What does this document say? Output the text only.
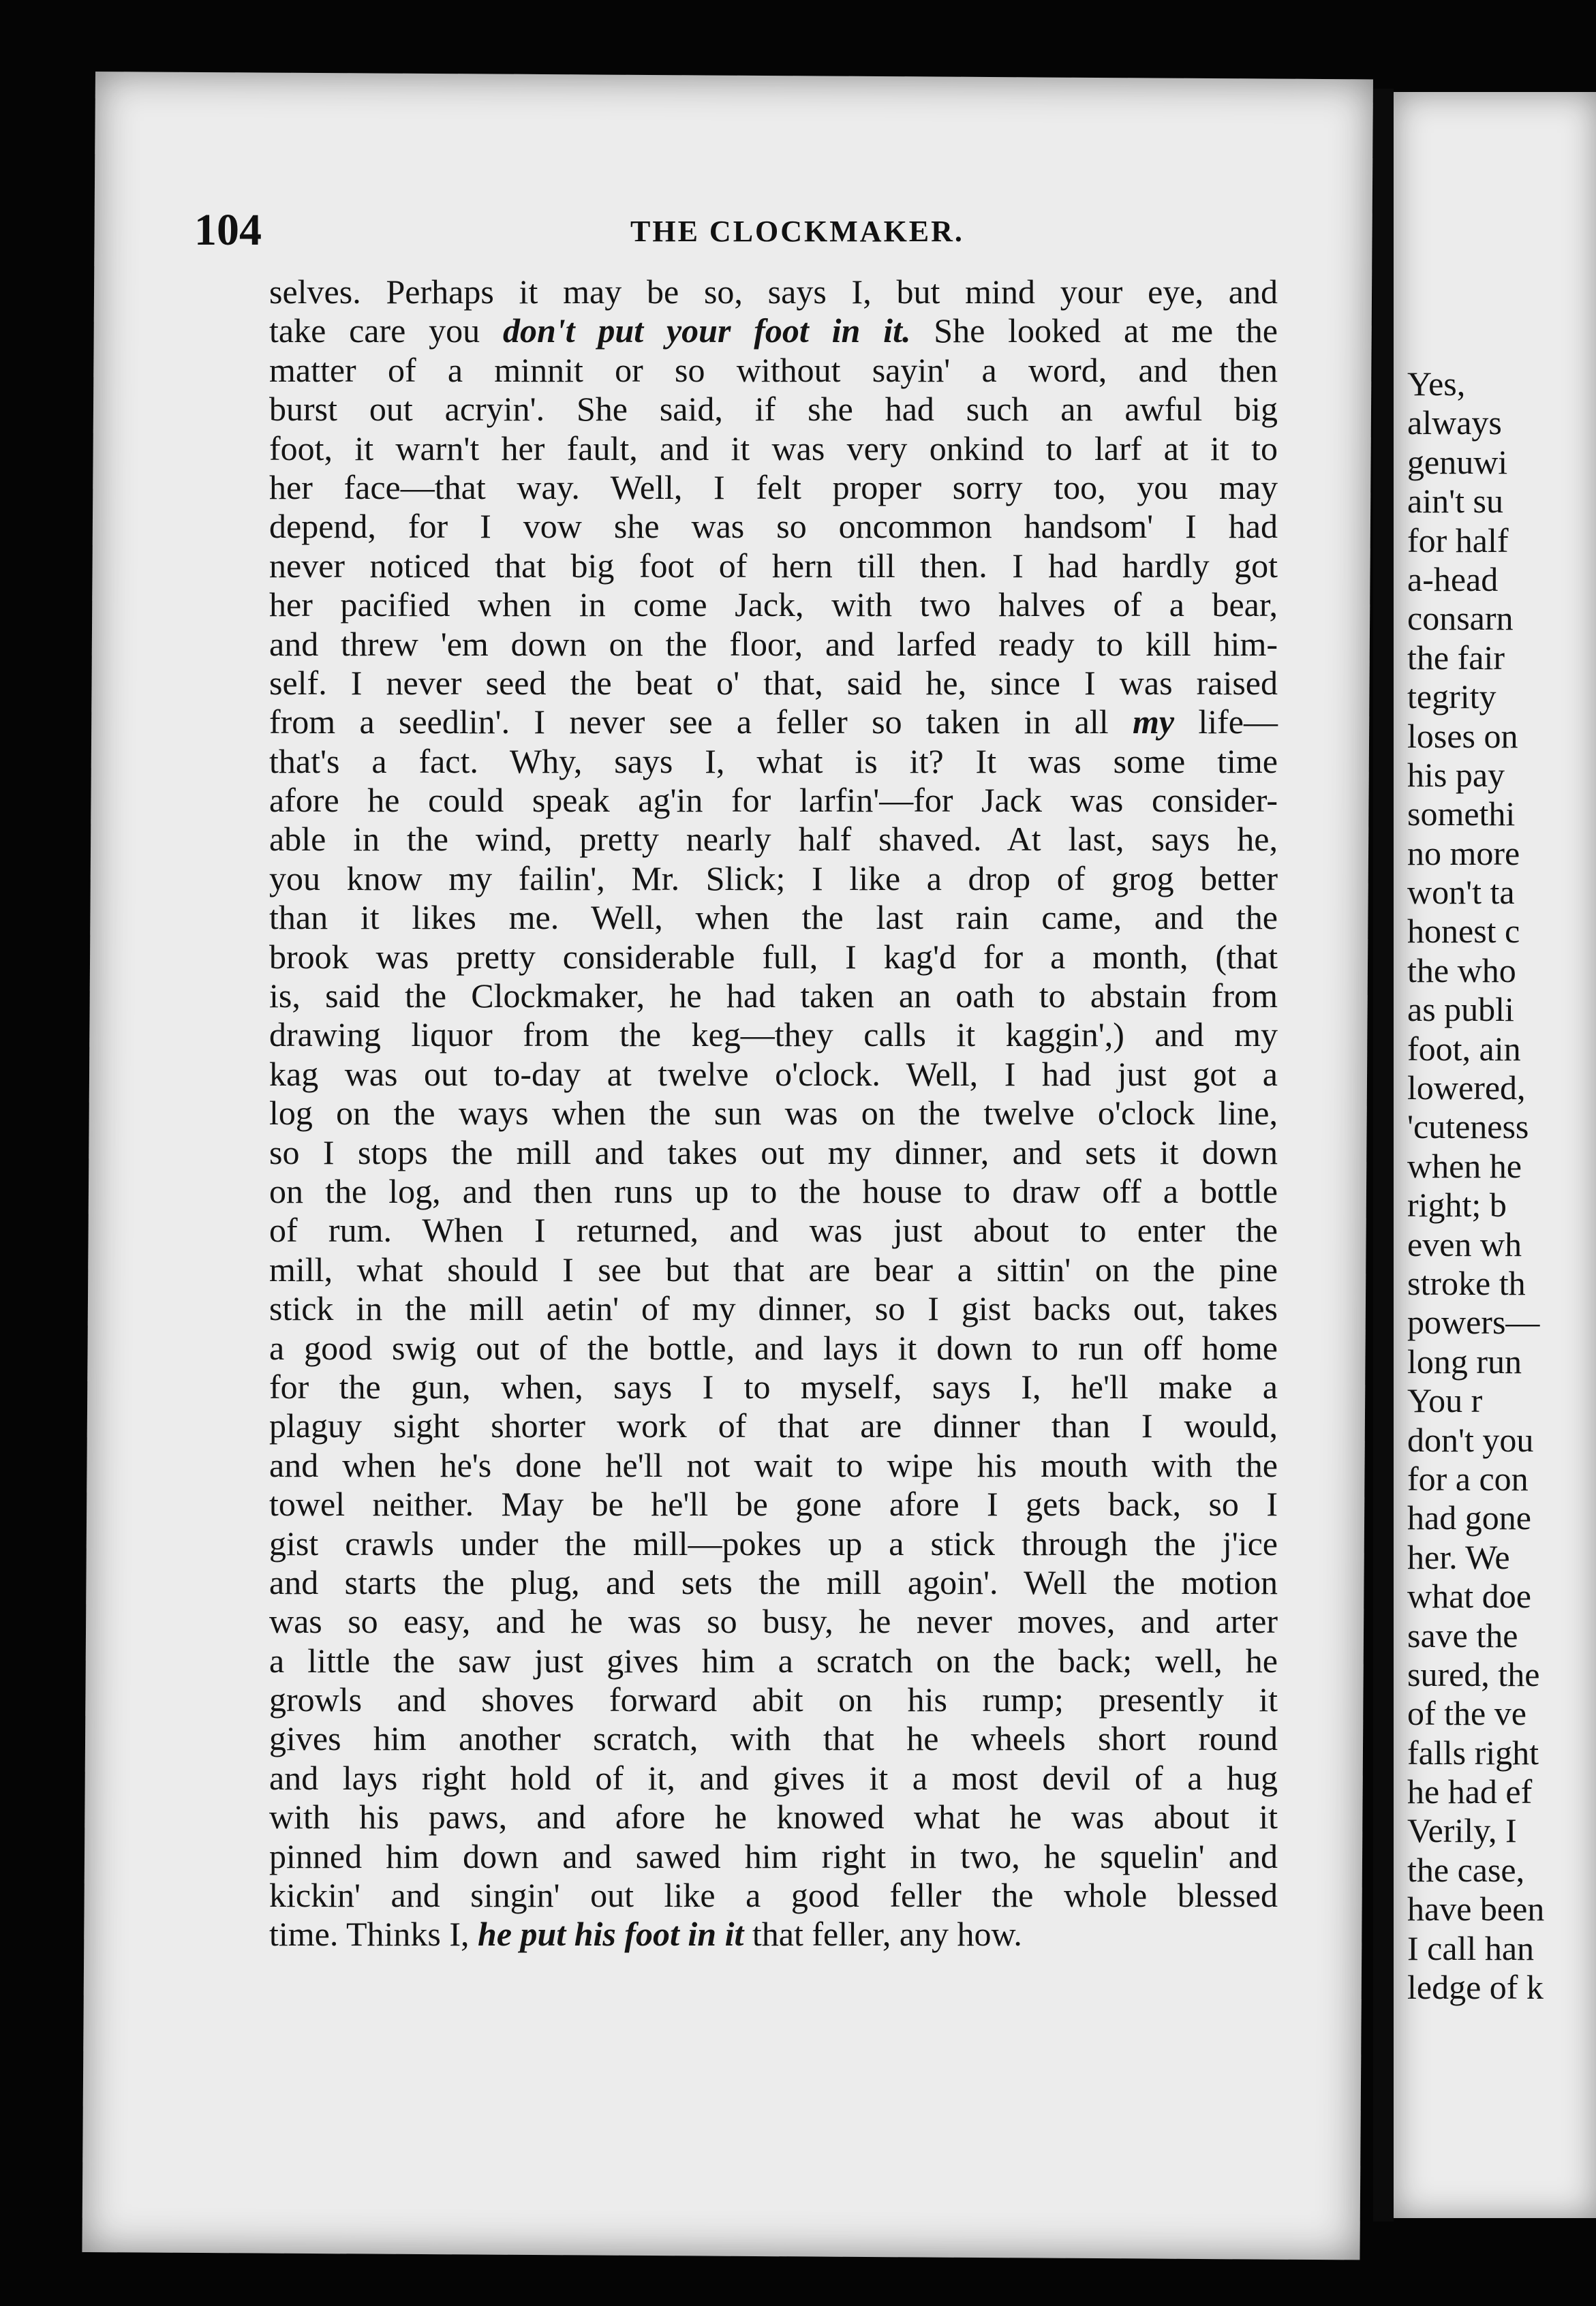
Yes,
always
genuwi
ain't su
for half
a-head
consarn
the fair
tegrity
loses on
his pay
somethi
no more
won't ta
honest c
the who
as publi
foot, ain
lowered,
'cuteness
when he
right; b
even wh
stroke th
powers—
long run
You r
don't you
for a con
had gone
her. We
what doe
save the
sured, the
of the ve
falls right
he had ef
Verily, I
the case,
have been
I call han
ledge of k
104	THE CLOCKMAKER.
selves. Perhaps it may be so, says I, but mind your eye, and
take care you don't put your foot in it. She looked at me the
matter of a minnit or so without sayin' a word, and then
burst out acryin'. She said, if she had such an awful big
foot, it warn't her fault, and it was very onkind to larf at it to
her face—that way. Well, I felt proper sorry too, you may
depend, for I vow she was so oncommon handsom' I had
never noticed that big foot of hern till then. I had hardly got
her pacified when in come Jack, with two halves of a bear,
and threw 'em down on the floor, and larfed ready to kill him-
self. I never seed the beat o' that, said he, since I was raised
from a seedlin'. I never see a feller so taken in all my life—
that's a fact. Why, says I, what is it? It was some time
afore he could speak ag'in for larfin'—for Jack was consider-
able in the wind, pretty nearly half shaved. At last, says he,
you know my failin', Mr. Slick; I like a drop of grog better
than it likes me. Well, when the last rain came, and the
brook was pretty considerable full, I kag'd for a month, (that
is, said the Clockmaker, he had taken an oath to abstain from
drawing liquor from the keg—they calls it kaggin',) and my
kag was out to-day at twelve o'clock. Well, I had just got a
log on the ways when the sun was on the twelve o'clock line,
so I stops the mill and takes out my dinner, and sets it down
on the log, and then runs up to the house to draw off a bottle
of rum. When I returned, and was just about to enter the
mill, what should I see but that are bear a sittin' on the pine
stick in the mill aetin' of my dinner, so I gist backs out, takes
a good swig out of the bottle, and lays it down to run off home
for the gun, when, says I to myself, says I, he'll make a
plaguy sight shorter work of that are dinner than I would,
and when he's done he'll not wait to wipe his mouth with the
towel neither. May be he'll be gone afore I gets back, so I
gist crawls under the mill—pokes up a stick through the j'ice
and starts the plug, and sets the mill agoin'. Well the motion
was so easy, and he was so busy, he never moves, and arter
a little the saw just gives him a scratch on the back; well, he
growls and shoves forward abit on his rump; presently it
gives him another scratch, with that he wheels short round
and lays right hold of it, and gives it a most devil of a hug
with his paws, and afore he knowed what he was about it
pinned him down and sawed him right in two, he squelin' and
kickin' and singin' out like a good feller the whole blessed
time. Thinks I, he put his foot in it that feller, any how.
